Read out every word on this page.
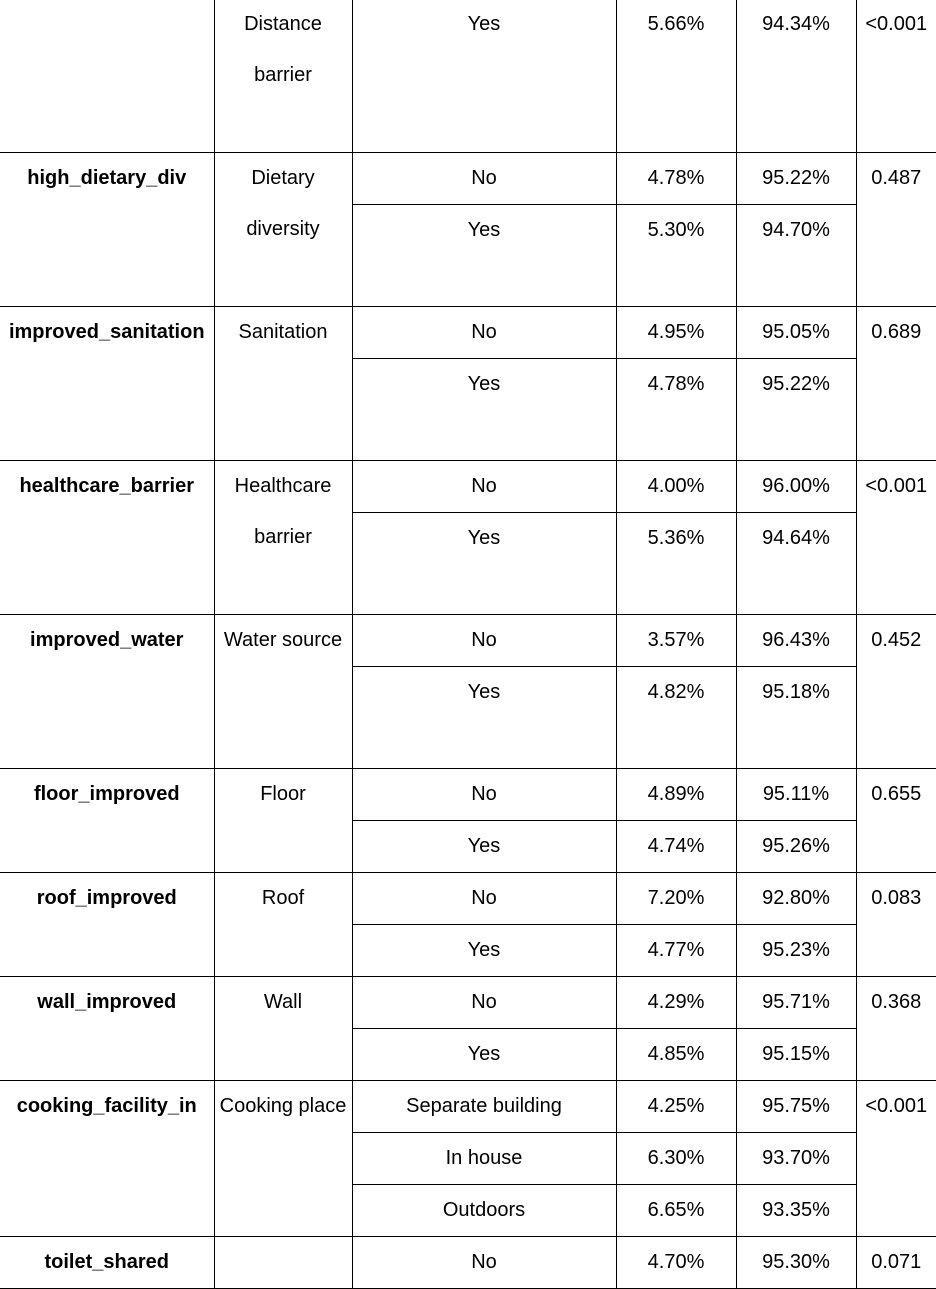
	Distance barrier	Yes	5.66%	94.34%	<0.001

high_dietary_div	Dietary diversity	No	4.78%	95.22%	0.487

		Yes	5.30%	94.70%	

improved_sanitation	Sanitation	No	4.95%	95.05%	0.689

		Yes	4.78%	95.22%	

healthcare_barrier	Healthcare barrier	No	4.00%	96.00%	<0.001

		Yes	5.36%	94.64%	

improved_water	Water source	No	3.57%	96.43%	0.452

		Yes	4.82%	95.18%	

floor_improved	Floor	No	4.89%	95.11%	0.655

		Yes	4.74%	95.26%	

roof_improved	Roof	No	7.20%	92.80%	0.083

		Yes	4.77%	95.23%	

wall_improved	Wall	No	4.29%	95.71%	0.368

		Yes	4.85%	95.15%	

cooking_facility_in	Cooking place	Separate building	4.25%	95.75%	<0.001

		In house	6.30%	93.70%	

		Outdoors	6.65%	93.35%	

toilet_shared		No	4.70%	95.30%	0.071
